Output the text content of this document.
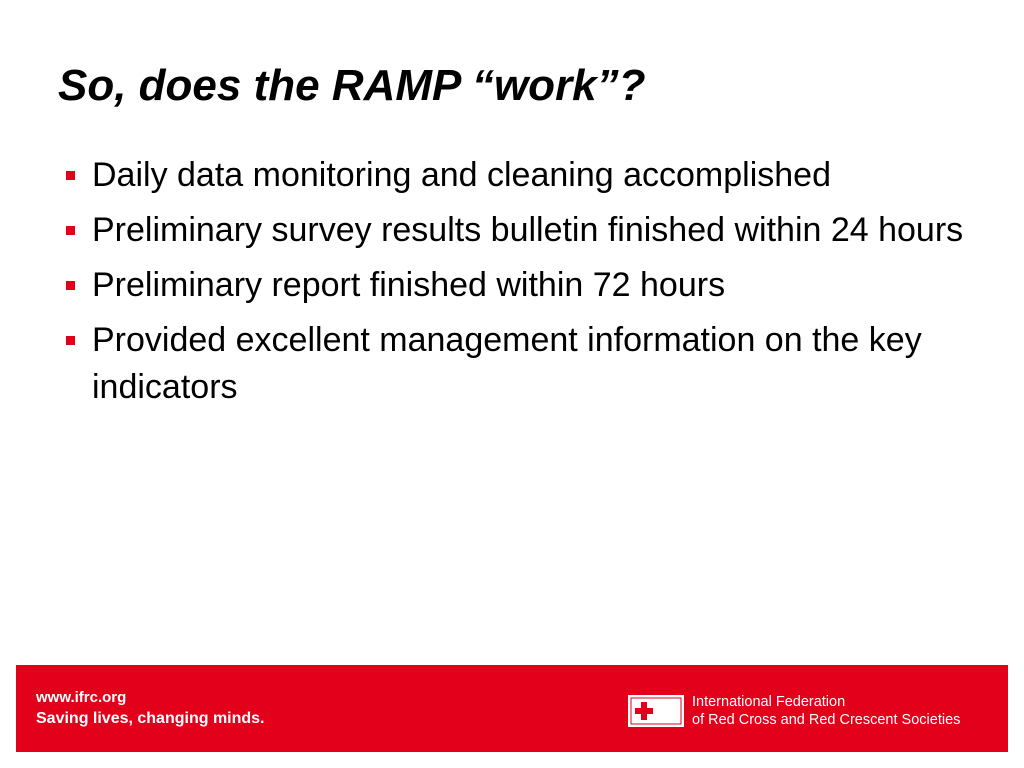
So, does the RAMP “work”?
Daily data monitoring and cleaning accomplished
Preliminary survey results bulletin finished within 24 hours
Preliminary report finished within 72 hours
Provided excellent management information on the key indicators
www.ifrc.org
Saving lives, changing minds.
International Federation
of Red Cross and Red Crescent Societies
